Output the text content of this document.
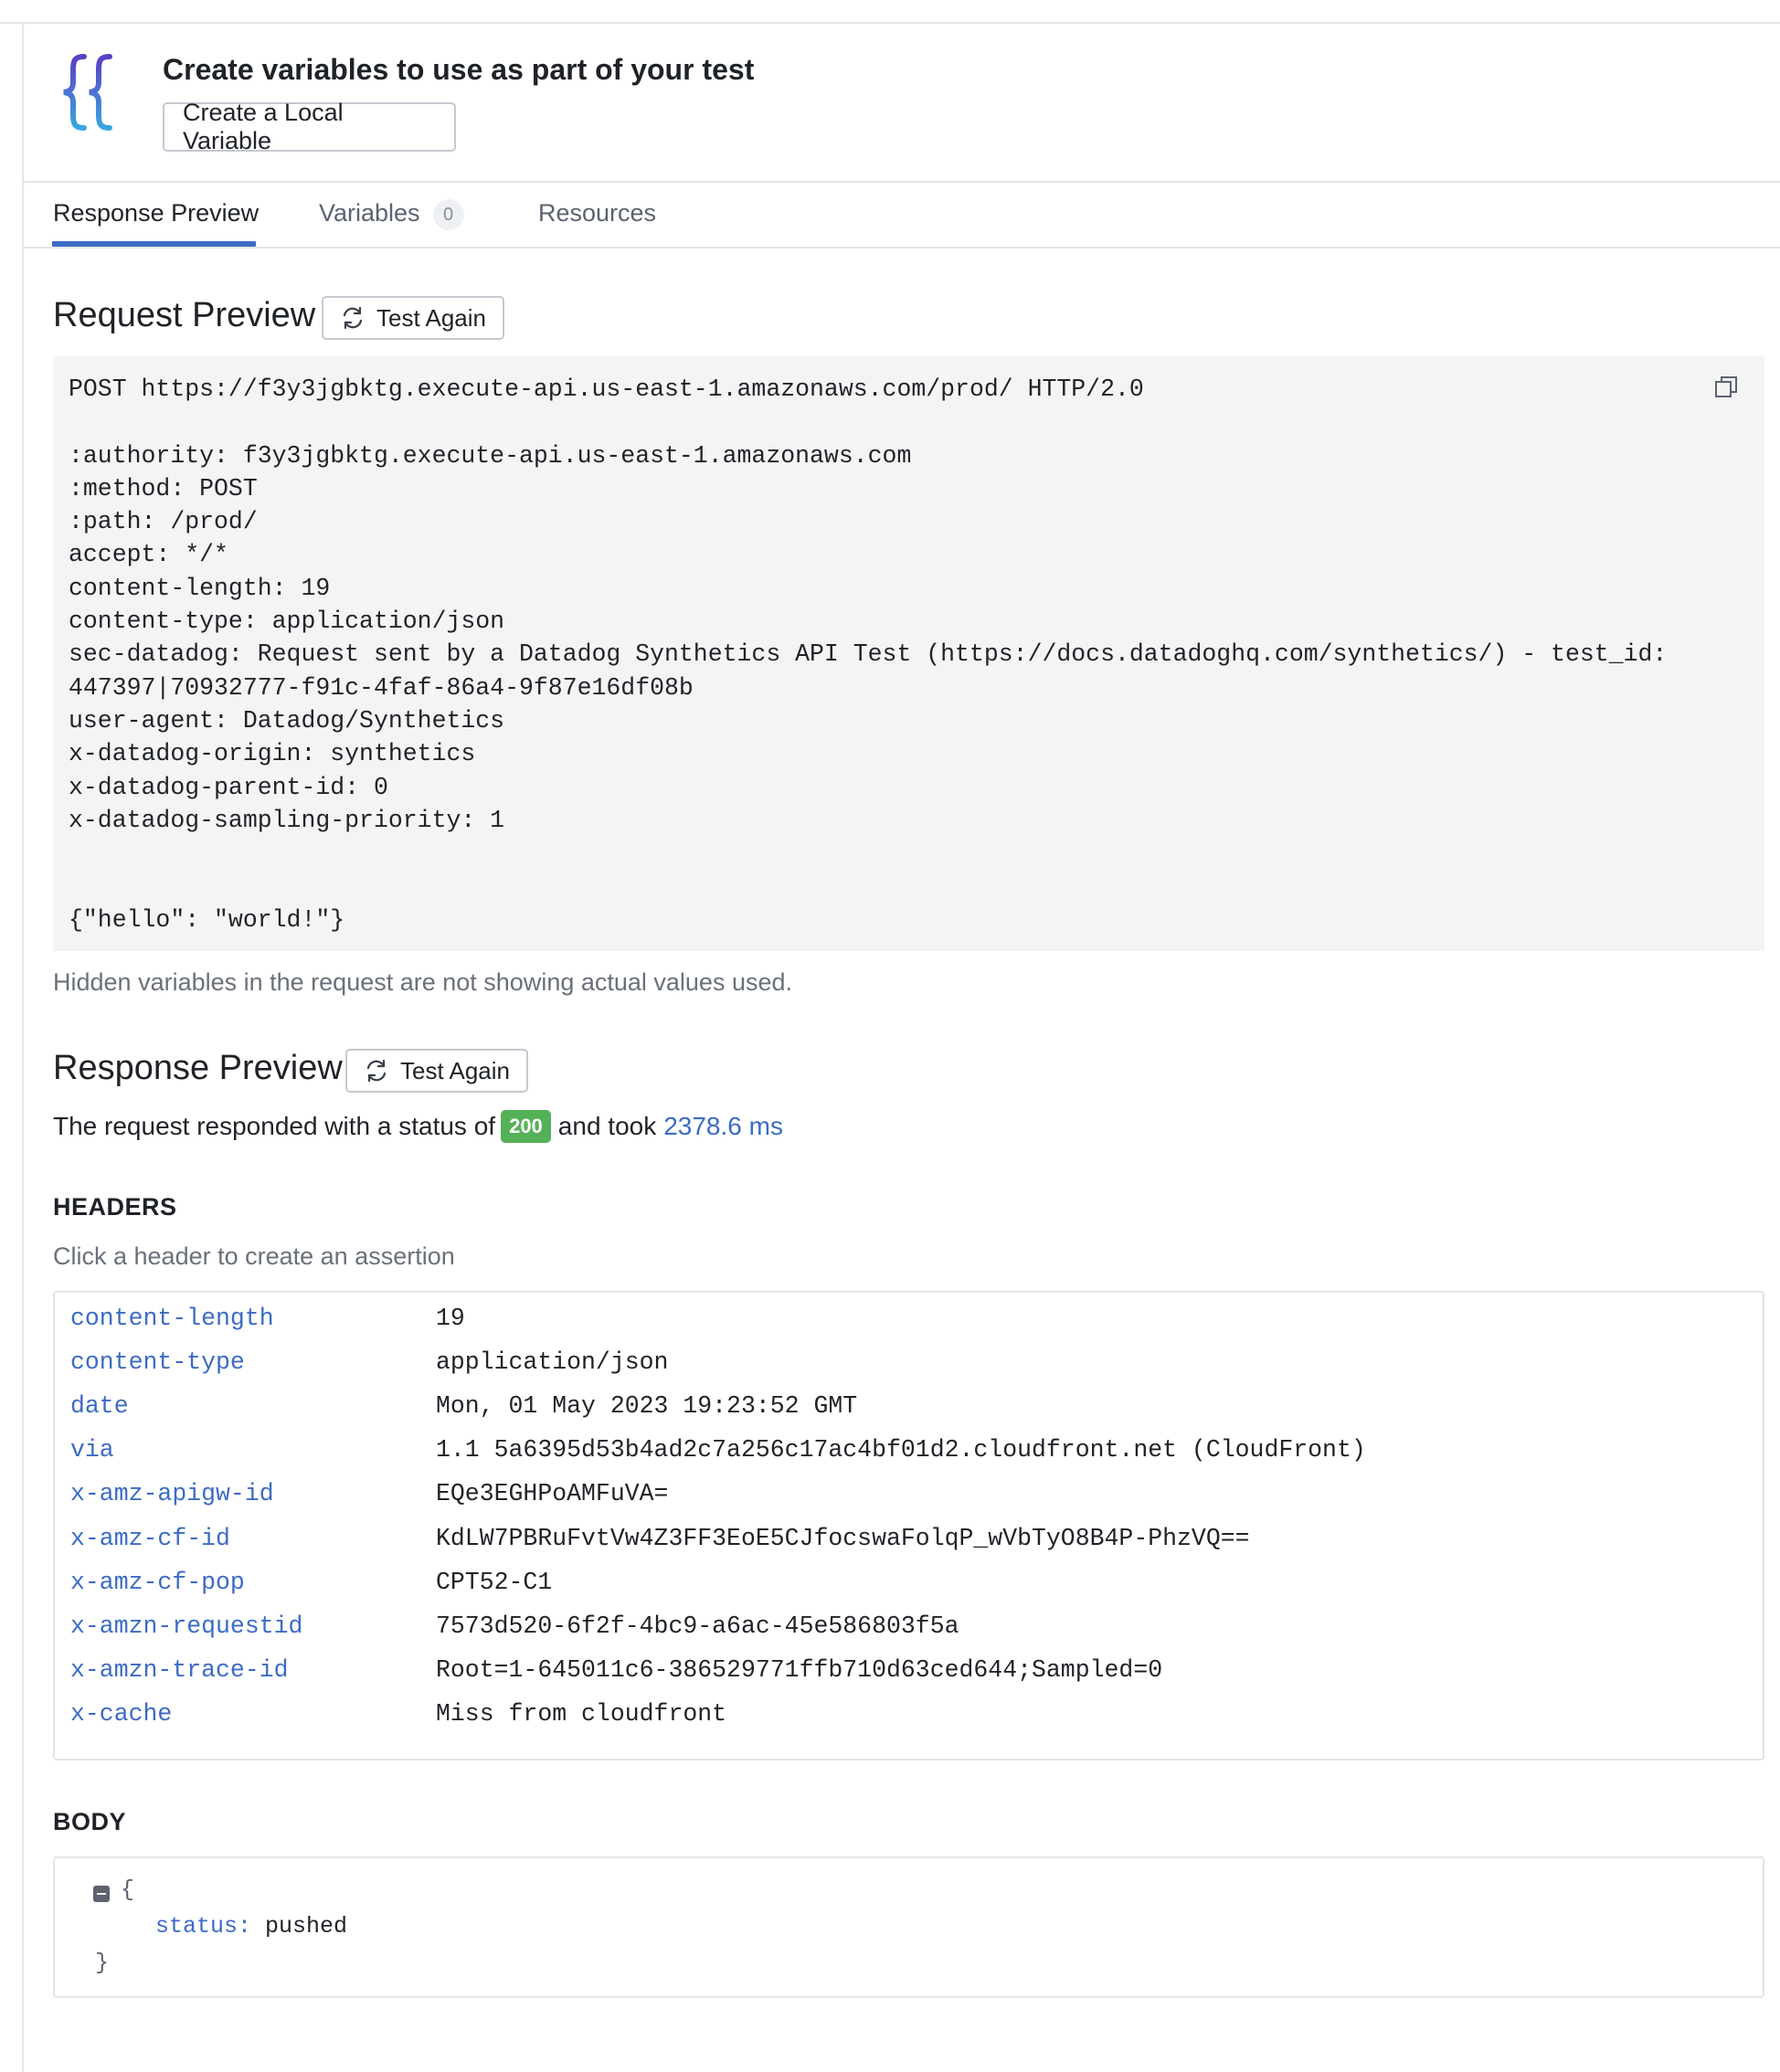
Create variables to use as part of your test
Create a Local Variable
Response Preview Variables 0	Resources
Request Preview	Test Again
POST https://f3y3jgbktg.execute-api.us-east-1.amazonaws.com/prod/ HTTP/2.0
:authority: f3y3jgbktg.execute-api.us-east-1.amazonaws.com
:method: POST
:path: /prod/
accept: */*
content-length: 19
content-type: application/json
sec-datadog: Request sent by a Datadog Synthetics API Test (https://docs.datadoghq.com/synthetics/) - test_id:
447397|70932777-f91c-4faf-86a4-9f87e16df08b
user-agent: Datadog/Synthetics
x-datadog-origin: synthetics
x-datadog-parent-id: 0
x-datadog-sampling-priority: 1
{"hello": "world!"}
Hidden variables in the request are not showing actual values used.
Response Preview Test Again
The request responded with a status of 200 and took 2378.6 ms
HEADERS
Click a header to create an assertion
content-length	19
content-type	application/json
date	Mon, 01 May 2023 19:23:52 GMT
via	1.1 5a6395d53b4ad2c7a256c17ac4bf01d2.cloudfront.net (CloudFront)
x-amz-apigw-id	EQe3EGHPoAMFuVA=
x-amz-cf-id	KdLW7PBRuFvtVw4Z3FF3EoE5CJfocswaFolqP_wVbTyO8B4P-PhzVQ==
x-amz-cf-pop	CPT52-C1
x-amzn-requestid	7573d520-6f2f-4bc9-a6ac-45e586803f5a
x-amzn-trace-id	Root=1-645011c6-386529771ffb710d63ced644;Sampled=0
x-cache	Miss from cloudfront
BODY
{
status: pushed
}
